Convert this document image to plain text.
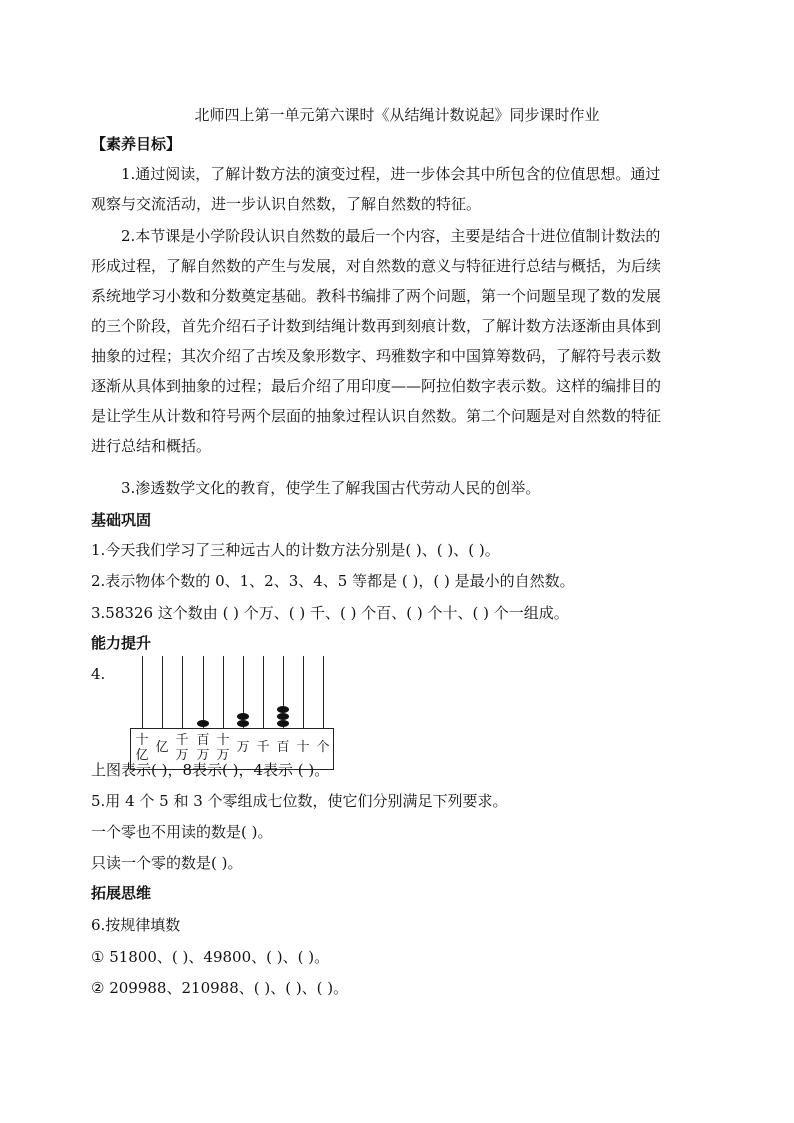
北师四上第一单元第六课时《从结绳计数说起》同步课时作业
【素养目标】
1.通过阅读，了解计数方法的演变过程，进一步体会其中所包含的位值思想。通过
观察与交流活动，进一步认识自然数，了解自然数的特征。
2.本节课是小学阶段认识自然数的最后一个内容，主要是结合十进位值制计数法的
形成过程，了解自然数的产生与发展，对自然数的意义与特征进行总结与概括，为后续
系统地学习小数和分数奠定基础。教科书编排了两个问题，第一个问题呈现了数的发展
的三个阶段，首先介绍石子计数到结绳计数再到刻痕计数，了解计数方法逐渐由具体到
抽象的过程；其次介绍了古埃及象形数字、玛雅数字和中国算筹数码，了解符号表示数
逐渐从具体到抽象的过程；最后介绍了用印度——阿拉伯数字表示数。这样的编排目的
是让学生从计数和符号两个层面的抽象过程认识自然数。第二个问题是对自然数的特征
进行总结和概括。
3.渗透数学文化的教育，使学生了解我国古代劳动人民的创举。
基础巩固
1.今天我们学习了三种远古人的计数方法分别是( )、( )、( )。
2.表示物体个数的 0、1、2、3、4、5 等都是 ( )，( ) 是最小的自然数。
3.58326 这个数由 ( ) 个万、( ) 千、( ) 个百、( ) 个十、( ) 个一组成。
能力提升
4.
十
亿
亿 千
万
百
万
十
万
万 千 百 十 个
上图表示( )，8表示( )，4表示 ( )。
5.用 4 个 5 和 3 个零组成七位数，使它们分别满足下列要求。
一个零也不用读的数是( )。
只读一个零的数是( )。
拓展思维
6.按规律填数
① 51800、( )、49800、( )、( )。
② 209988、210988、( )、( )、( )。
